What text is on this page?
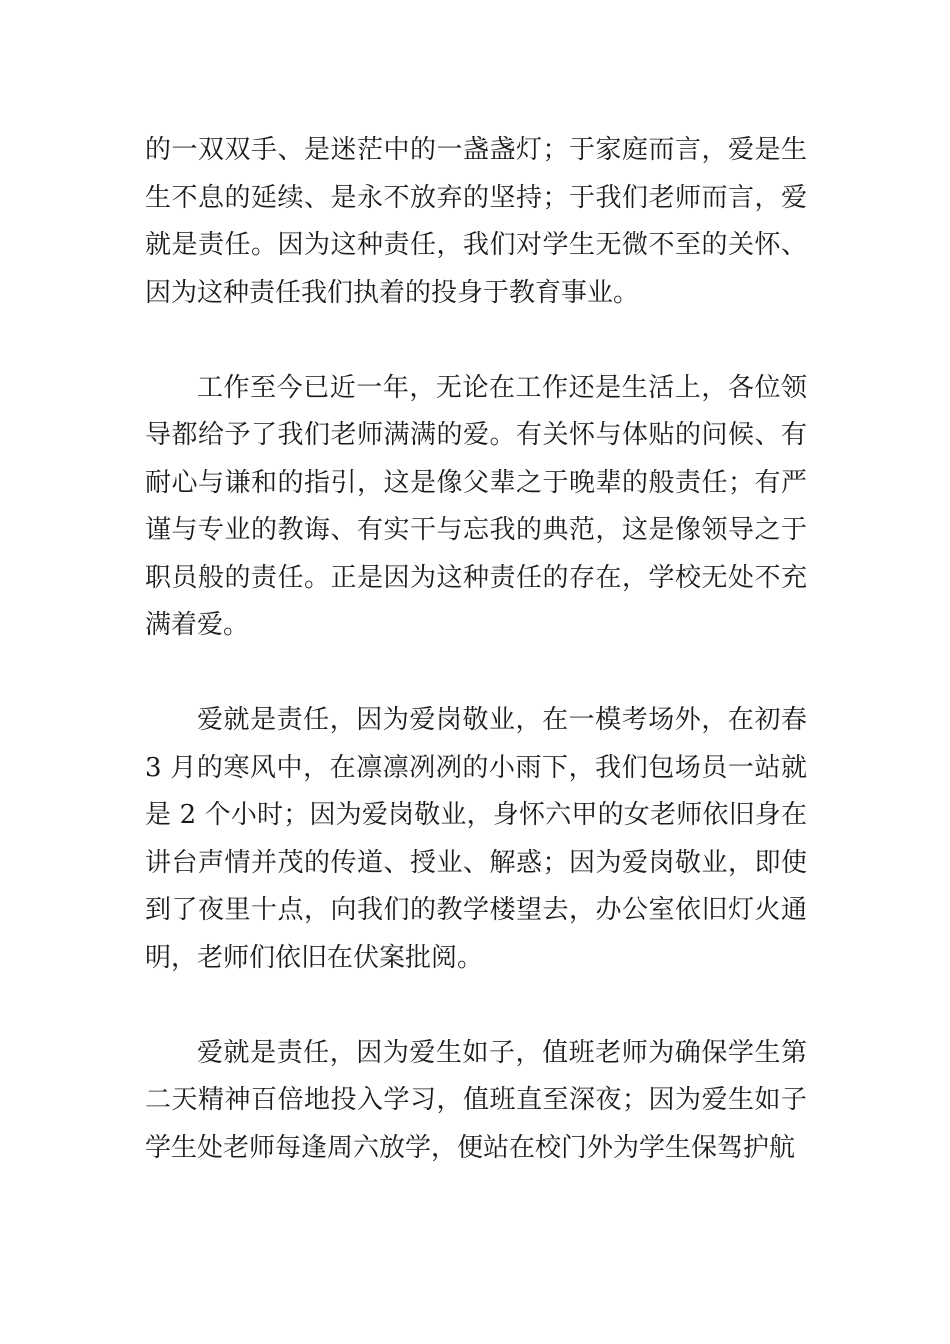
的一双双手、是迷茫中的一盏盏灯；于家庭而言，爱是生生不息的延续、是永不放弃的坚持；于我们老师而言，爱就是责任。因为这种责任，我们对学生无微不至的关怀、因为这种责任我们执着的投身于教育事业。

工作至今已近一年，无论在工作还是生活上，各位领导都给予了我们老师满满的爱。有关怀与体贴的问候、有耐心与谦和的指引，这是像父辈之于晚辈的般责任；有严谨与专业的教诲、有实干与忘我的典范，这是像领导之于职员般的责任。正是因为这种责任的存在，学校无处不充满着爱。

爱就是责任，因为爱岗敬业，在一模考场外，在初春 3 月的寒风中，在凛凛冽冽的小雨下，我们包场员一站就是 2 个小时；因为爱岗敬业，身怀六甲的女老师依旧身在讲台声情并茂的传道、授业、解惑；因为爱岗敬业，即使到了夜里十点，向我们的教学楼望去，办公室依旧灯火通明，老师们依旧在伏案批阅。

爱就是责任，因为爱生如子，值班老师为确保学生第二天精神百倍地投入学习，值班直至深夜；因为爱生如子学生处老师每逢周六放学，便站在校门外为学生保驾护航
